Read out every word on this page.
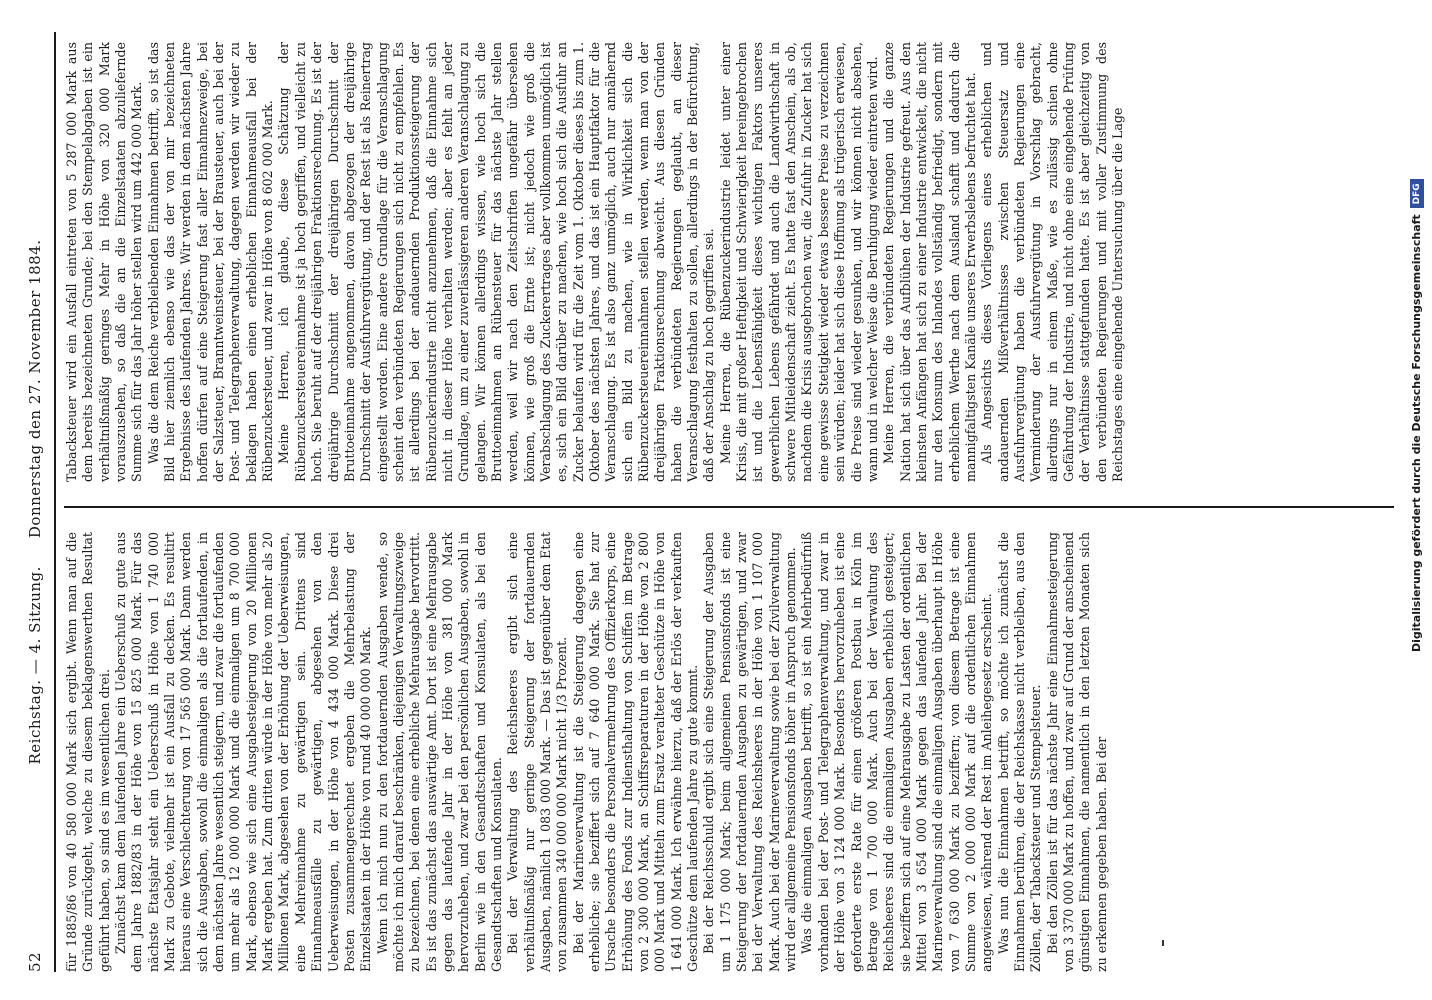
52
Reichstag. — 4. Sitzung.Donnerstag den 27. November 1884.

für 1885/86 von 40 580 000 Mark sich ergibt. Wenn man auf die Gründe zurückgeht, welche zu diesem beklagenswerthen Resultat geführt haben, so sind es im wesentlichen drei. Zunächst kam dem laufenden Jahre ein Ueberschuß zu gute aus dem Jahre 1882/83 in der Höhe von 15 825 000 Mark. Für das nächste Etatsjahr steht ein Ueberschuß in Höhe von 1 740 000 Mark zu Gebote, vielmehr ist ein Ausfall zu decken. Es resultirt hieraus eine Verschlechterung von 17 565 000 Mark. Dann werden sich die Ausgaben, sowohl die einmaligen als die fortlaufenden, in dem nächsten Jahre wesentlich steigern, und zwar die fortlaufenden um mehr als 12 000 000 Mark und die einmaligen um 8 700 000 Mark, ebenso wie sich eine Ausgabesteigerung von 20 Millionen Mark ergeben hat. Zum dritten würde in der Höhe von mehr als 20 Millionen Mark, abgesehen von der Erhöhung der Ueberweisungen, eine Mehreinnahme zu gewärtigen sein. Drittens sind Einnahmeausfälle zu gewärtigen, abgesehen von den Ueberweisungen, in der Höhe von 4 434 000 Mark. Diese drei Posten zusammengerechnet ergeben die Mehrbelastung der Einzelstaaten in der Höhe von rund 40 000 000 Mark. Wenn ich mich nun zu den fortdauernden Ausgaben wende, so möchte ich mich darauf beschränken, diejenigen Verwaltungszweige zu bezeichnen, bei denen eine erhebliche Mehrausgabe hervortritt. Es ist das zunächst das auswärtige Amt. Dort ist eine Mehrausgabe gegen das laufende Jahr in der Höhe von 381 000 Mark hervorzuheben, und zwar bei den persönlichen Ausgaben, sowohl in Berlin wie in den Gesandtschaften und Konsulaten, als bei den Gesandtschaften und Konsulaten. Bei der Verwaltung des Reichsheeres ergibt sich eine verhältnißmäßig nur geringe Steigerung der fortdauernden Ausgaben, nämlich 1 083 000 Mark. — Das ist gegenüber dem Etat von zusammen 340 000 000 Mark nicht 1/3 Prozent. Bei der Marineverwaltung ist die Steigerung dagegen eine erhebliche; sie beziffert sich auf 7 640 000 Mark. Sie hat zur Ursache besonders die Personalvermehrung des Offizierkorps, eine Erhöhung des Fonds zur Indiensthaltung von Schiffen im Betrage von 2 300 000 Mark, an Schiffsreparaturen in der Höhe von 2 800 000 Mark und Mitteln zum Ersatz veralteter Geschütze in Höhe von 1 641 000 Mark. Ich erwähne hierzu, daß der Erlös der verkauften Geschütze dem laufenden Jahre zu gute kommt. Bei der Reichsschuld ergibt sich eine Steigerung der Ausgaben um 1 175 000 Mark; beim allgemeinen Pensionsfonds ist eine Steigerung der fortdauernden Ausgaben zu gewärtigen, und zwar bei der Verwaltung des Reichsheeres in der Höhe von 1 107 000 Mark. Auch bei der Marineverwaltung sowie bei der Zivilverwaltung wird der allgemeine Pensionsfonds höher in Anspruch genommen. Was die einmaligen Ausgaben betrifft, so ist ein Mehrbedürfniß vorhanden bei der Post- und Telegraphenverwaltung, und zwar in der Höhe von 3 124 000 Mark. Besonders hervorzuheben ist eine geforderte erste Rate für einen größeren Postbau in Köln im Betrage von 1 700 000 Mark. Auch bei der Verwaltung des Reichsheeres sind die einmaligen Ausgaben erheblich gesteigert; sie beziffern sich auf eine Mehrausgabe zu Lasten der ordentlichen Mittel von 3 654 000 Mark gegen das laufende Jahr. Bei der Marineverwaltung sind die einmaligen Ausgaben überhaupt in Höhe von 7 630 000 Mark zu beziffern; von diesem Betrage ist eine Summe von 2 000 000 Mark auf die ordentlichen Einnahmen angewiesen, während der Rest im Anleihegesetz erscheint. Was nun die Einnahmen betrifft, so möchte ich zunächst die Einnahmen berühren, die der Reichskasse nicht verbleiben, aus den Zöllen, der Tabacksteuer und Stempelsteuer. Bei den Zöllen ist für das nächste Jahr eine Einnahmesteigerung von 3 370 000 Mark zu hoffen, und zwar auf Grund der anscheinend günstigen Einnahmen, die namentlich in den letzten Monaten sich zu erkennen gegeben haben. Bei der

Tabacksteuer wird ein Ausfall eintreten von 5 287 000 Mark aus dem bereits bezeichneten Grunde; bei den Stempelabgaben ist ein verhältnißmäßig geringes Mehr in Höhe von 320 000 Mark vorauszusehen, so daß die an die Einzelstaaten abzuliefernde Summe sich für das Jahr höher stellen wird um 442 000 Mark. Was die dem Reiche verbleibenden Einnahmen betrifft, so ist das Bild hier ziemlich ebenso wie das der von mir bezeichneten Ergebnisse des laufenden Jahres. Wir werden in dem nächsten Jahre hoffen dürfen auf eine Steigerung fast aller Einnahmezweige, bei der Salzsteuer, Branntweinsteuer, bei der Brausteuer, auch bei der Post- und Telegraphenverwaltung, dagegen werden wir wieder zu beklagen haben einen erheblichen Einnahmeausfall bei der Rübenzuckersteuer, und zwar in Höhe von 8 602 000 Mark. Meine Herren, ich glaube, diese Schätzung der Rübenzuckersteuereinnahme ist ja hoch gegriffen, und vielleicht zu hoch. Sie beruht auf der dreijährigen Fraktionsrechnung. Es ist der dreijährige Durchschnitt der dreijährigen Durchschnitt der Bruttoeinnahme angenommen, davon abgezogen der dreijährige Durchschnitt der Ausfuhrvergütung, und der Rest ist als Reinertrag eingestellt worden. Eine andere Grundlage für die Veranschlagung scheint den verbündeten Regierungen sich nicht zu empfehlen. Es ist allerdings bei der andauernden Produktionssteigerung der Rübenzuckerindustrie nicht anzunehmen, daß die Einnahme sich nicht in dieser Höhe verhalten werden; aber es fehlt an jeder Grundlage, um zu einer zuverlässigeren anderen Veranschlagung zu gelangen. Wir können allerdings wissen, wie hoch sich die Bruttoeinnahmen an Rübensteuer für das nächste Jahr stellen werden, weil wir nach den Zeitschriften ungefähr übersehen können, wie groß die Ernte ist; nicht jedoch wie groß die Verabschlagung des Zuckerertrages aber vollkommen unmöglich ist es, sich ein Bild darüber zu machen, wie hoch sich die Ausfuhr an Zucker belaufen wird für die Zeit vom 1. Oktober dieses bis zum 1. Oktober des nächsten Jahres, und das ist ein Hauptfaktor für die Veranschlagung. Es ist also ganz unmöglich, auch nur annähernd sich ein Bild zu machen, wie in Wirklichkeit sich die Rübenzuckersteuereinnahmen stellen werden, wenn man von der dreijährigen Fraktionsrechnung abweicht. Aus diesen Gründen haben die verbündeten Regierungen geglaubt, an dieser Veranschlagung festhalten zu sollen, allerdings in der Befürchtung, daß der Anschlag zu hoch gegriffen sei. Meine Herren, die Rübenzuckerindustrie leidet unter einer Krisis, die mit großer Heftigkeit und Schwierigkeit hereingebrochen ist und die Lebensfähigkeit dieses wichtigen Faktors unseres gewerblichen Lebens gefährdet und auch die Landwirthschaft in schwere Mitleidenschaft zieht. Es hatte fast den Anschein, als ob, nachdem die Krisis ausgebrochen war, die Zufuhr in Zucker hat sich eine gewisse Stetigkeit wieder etwas bessere Preise zu verzeichnen sein würden; leider hat sich diese Hoffnung als trügerisch erwiesen, die Preise sind wieder gesunken, und wir können nicht absehen, wann und in welcher Weise die Beruhigung wieder eintreten wird. Meine Herren, die verbündeten Regierungen und die ganze Nation hat sich über das Aufblühen der Industrie gefreut. Aus den kleinsten Anfängen hat sich zu einer Industrie entwickelt, die nicht nur den Konsum des Inlandes vollständig befriedigt, sondern mit erheblichem Werthe nach dem Ausland schafft und dadurch die mannigfaltigsten Kanäle unseres Erwerbslebens befruchtet hat. Als Angesichts dieses Vorliegens eines erheblichen und andauernden Mißverhältnisses zwischen Steuersatz und Ausfuhrvergütung haben die verbündeten Regierungen eine Verminderung der Ausfuhrvergütung in Vorschlag gebracht, allerdings nur in einem Maße, wie es zulässig schien ohne Gefährdung der Industrie, und nicht ohne eine eingehende Prüfung der Verhältnisse stattgefunden hatte. Es ist aber gleichzeitig von den verbündeten Regierungen und mit voller Zustimmung des Reichstages eine eingehende Untersuchung über die Lage	Digitalisierung gefördert durch die Deutsche ForschungsgemeinschaftDFG
